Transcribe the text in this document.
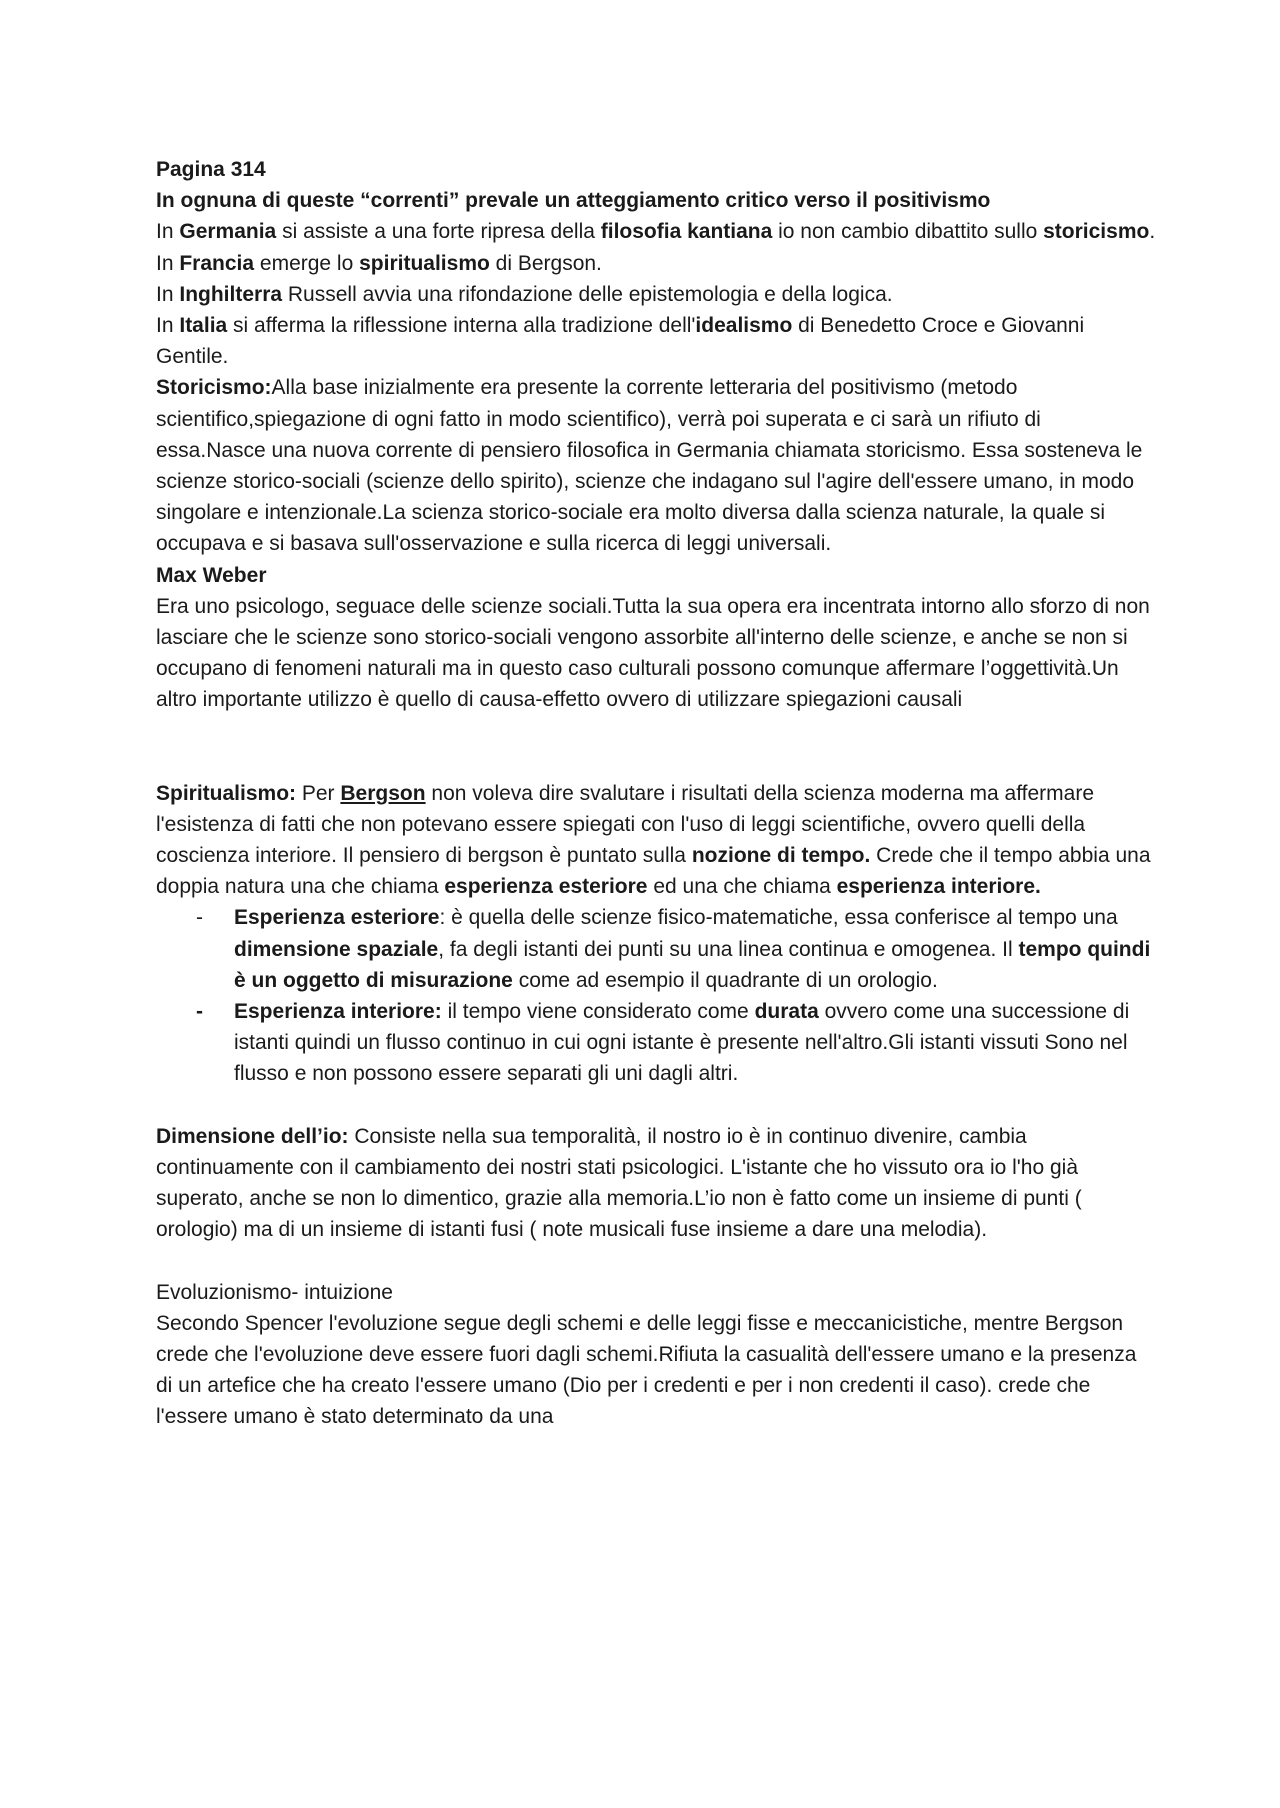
Pagina 314

In ognuna di queste “correnti” prevale un atteggiamento critico verso il positivismo

In Germania si assiste a una forte ripresa della filosofia kantiana io non cambio dibattito sullo storicismo.

In Francia emerge lo spiritualismo di Bergson.

In Inghilterra Russell avvia una rifondazione delle epistemologia e della logica.

In Italia si afferma la riflessione interna alla tradizione dell'idealismo di Benedetto Croce e Giovanni Gentile.

Storicismo:Alla base inizialmente era presente la corrente letteraria del positivismo (metodo scientifico,spiegazione di ogni fatto in modo scientifico), verrà poi superata e ci sarà un rifiuto di essa.Nasce una nuova corrente di pensiero filosofica in Germania chiamata storicismo. Essa sosteneva le scienze storico-sociali (scienze dello spirito), scienze che indagano sul l'agire dell'essere umano, in modo singolare e intenzionale.La scienza storico-sociale era molto diversa dalla scienza naturale, la quale si occupava e si basava sull'osservazione e sulla ricerca di leggi universali.

Max Weber

Era uno psicologo, seguace delle scienze sociali.Tutta la sua opera era incentrata intorno allo sforzo di non lasciare che le scienze sono storico-sociali vengono assorbite all'interno delle scienze, e anche se non si occupano di fenomeni naturali ma in questo caso culturali possono comunque affermare l’oggettività.Un altro importante utilizzo è quello di causa-effetto ovvero di utilizzare spiegazioni causali

Spiritualismo: Per Bergson non voleva dire svalutare i risultati della scienza moderna ma affermare l'esistenza di fatti che non potevano essere spiegati con l'uso di leggi scientifiche, ovvero quelli della coscienza interiore. Il pensiero di bergson è puntato sulla nozione di tempo. Crede che il tempo abbia una doppia natura una che chiama esperienza esteriore ed una che chiama esperienza interiore.

- Esperienza esteriore: è quella delle scienze fisico-matematiche, essa conferisce al tempo una dimensione spaziale, fa degli istanti dei punti su una linea continua e omogenea. Il tempo quindi è un oggetto di misurazione come ad esempio il quadrante di un orologio.
- Esperienza interiore: il tempo viene considerato come durata ovvero come una successione di istanti quindi un flusso continuo in cui ogni istante è presente nell'altro.Gli istanti vissuti Sono nel flusso e non possono essere separati gli uni dagli altri.

Dimensione dell’io: Consiste nella sua temporalità, il nostro io è in continuo divenire, cambia continuamente con il cambiamento dei nostri stati psicologici. L'istante che ho vissuto ora io l'ho già superato, anche se non lo dimentico, grazie alla memoria.L’io non è fatto come un insieme di punti ( orologio) ma di un insieme di istanti fusi ( note musicali fuse insieme a dare una melodia).

Evoluzionismo- intuizione

Secondo Spencer l'evoluzione segue degli schemi e delle leggi fisse e meccanicistiche, mentre Bergson crede che l'evoluzione deve essere fuori dagli schemi.Rifiuta la casualità dell'essere umano e la presenza di un artefice che ha creato l'essere umano (Dio per i credenti e per i non credenti il caso). crede che l'essere umano è stato determinato da una
